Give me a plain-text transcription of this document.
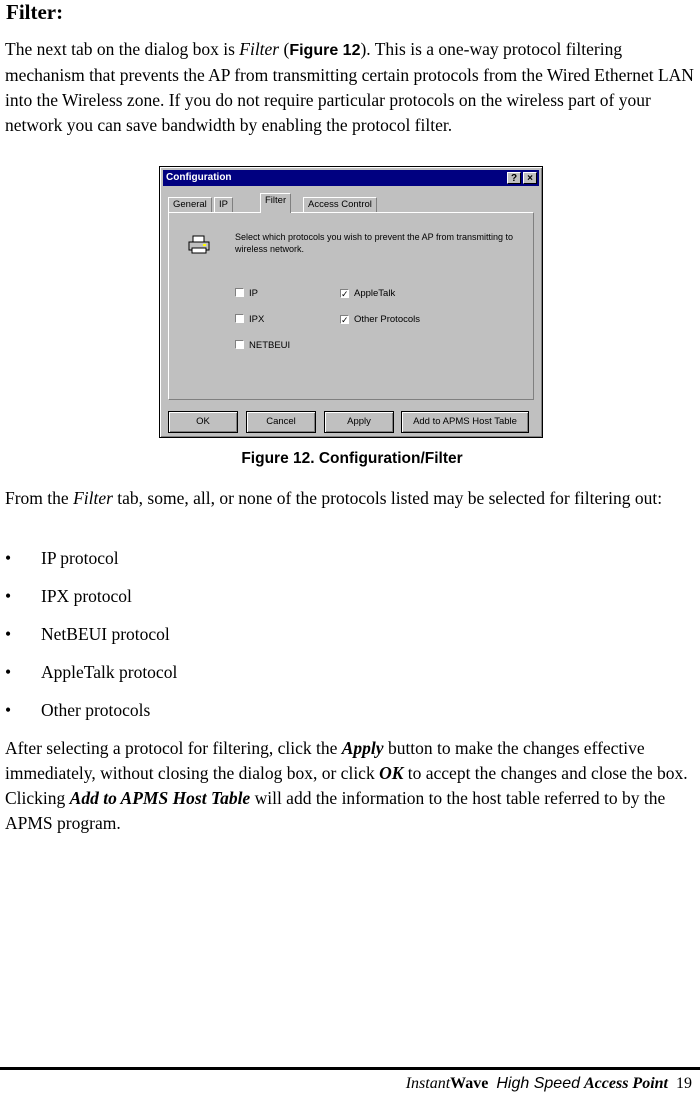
Filter:
The next tab on the dialog box is Filter (Figure 12). This is a one-way protocol filtering mechanism that prevents the AP from transmitting certain protocols from the Wired Ethernet LAN into the Wireless zone. If you do not require particular protocols on the wireless part of your network you can save bandwidth by enabling the protocol filter.
Configuration	?	×
General	IP	Filter	Access Control
Select which protocols you wish to prevent the AP from transmitting to wireless network.
IP
IPX
NETBEUI
✓ AppleTalk
✓ Other Protocols
OK	Cancel	Apply	Add to APMS Host Table
Figure 12. Configuration/Filter
From the Filter tab, some, all, or none of the protocols listed may be selected for filtering out:
•	IP protocol
•	IPX protocol
•	NetBEUI protocol
•	AppleTalk protocol
•	Other protocols
After selecting a protocol for filtering, click the Apply button to make the changes effective immediately, without closing the dialog box, or click OK to accept the changes and close the box. Clicking Add to APMS Host Table will add the information to the host table referred to by the APMS program.
InstantWave High Speed Access Point 19
